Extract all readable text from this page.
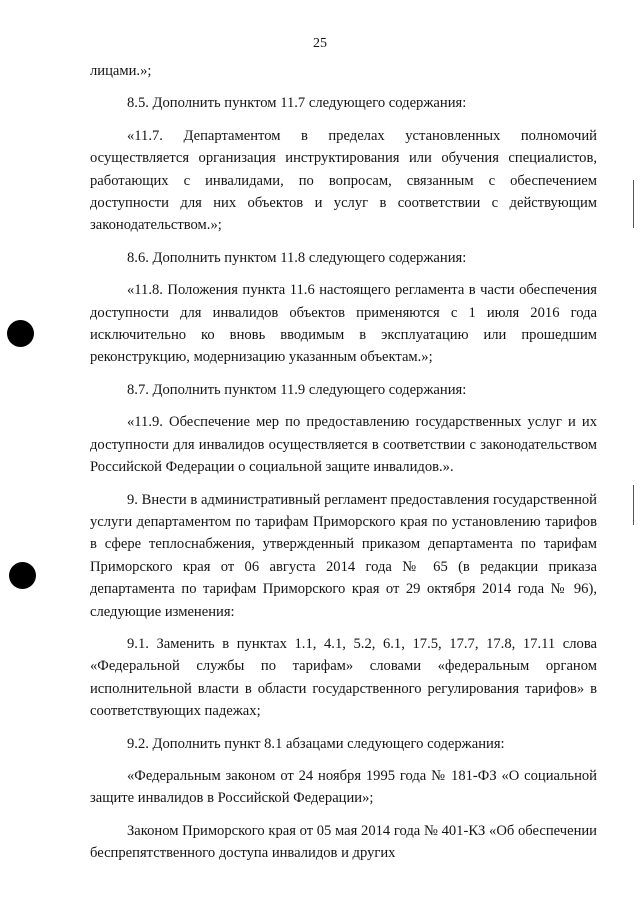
25

лицами.»;

8.5. Дополнить пунктом 11.7 следующего содержания:

«11.7. Департаментом в пределах установленных полномочий осуществляется организация инструктирования или обучения специалистов, работающих с инвалидами, по вопросам, связанным с обеспечением доступности для них объектов и услуг в соответствии с действующим законодательством.»;

8.6. Дополнить пунктом 11.8 следующего содержания:

«11.8. Положения пункта 11.6 настоящего регламента в части обеспечения доступности для инвалидов объектов применяются с 1 июля 2016 года исключительно ко вновь вводимым в эксплуатацию или прошедшим реконструкцию, модернизацию указанным объектам.»;

8.7. Дополнить пунктом 11.9 следующего содержания:

«11.9. Обеспечение мер по предоставлению государственных услуг и их доступности для инвалидов осуществляется в соответствии с законодательством Российской Федерации о социальной защите инвалидов.».

9. Внести в административный регламент предоставления государственной услуги департаментом по тарифам Приморского края по установлению тарифов в сфере теплоснабжения, утвержденный приказом департамента по тарифам Приморского края от 06 августа 2014 года № 65 (в редакции приказа департамента по тарифам Приморского края от 29 октября 2014 года № 96), следующие изменения:

9.1. Заменить в пунктах 1.1, 4.1, 5.2, 6.1, 17.5, 17.7, 17.8, 17.11 слова «Федеральной службы по тарифам» словами «федеральным органом исполнительной власти в области государственного регулирования тарифов» в соответствующих падежах;

9.2. Дополнить пункт 8.1 абзацами следующего содержания:

«Федеральным законом от 24 ноября 1995 года № 181-ФЗ «О социальной защите инвалидов в Российской Федерации»;

Законом Приморского края от 05 мая 2014 года № 401-КЗ «Об обеспечении беспрепятственного доступа инвалидов и других
